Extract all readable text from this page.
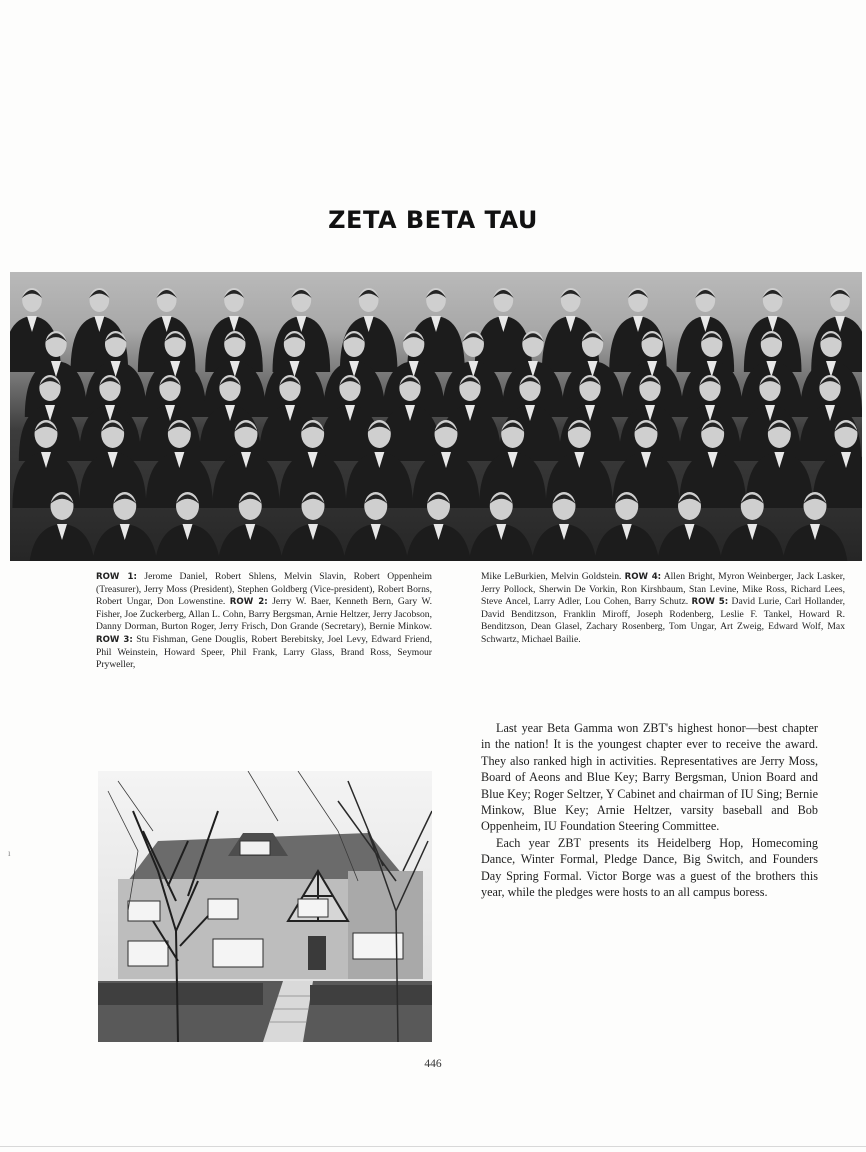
ZETA BETA TAU
ROW 1: Jerome Daniel, Robert Shlens, Melvin Slavin, Robert Oppenheim (Treasurer), Jerry Moss (President), Stephen Goldberg (Vice-president), Robert Borns, Robert Ungar, Don Lowenstine. ROW 2: Jerry W. Baer, Kenneth Bern, Gary W. Fisher, Joe Zuckerberg, Allan L. Cohn, Barry Bergsman, Arnie Heltzer, Jerry Jacobson, Danny Dorman, Burton Roger, Jerry Frisch, Don Grande (Secretary), Bernie Minkow. ROW 3: Stu Fishman, Gene Douglis, Robert Berebitsky, Joel Levy, Edward Friend, Phil Weinstein, Howard Speer, Phil Frank, Larry Glass, Brand Ross, Seymour Pryweller,
Mike LeBurkien, Melvin Goldstein. ROW 4: Allen Bright, Myron Weinberger, Jack Lasker, Jerry Pollock, Sherwin De Vorkin, Ron Kirshbaum, Stan Levine, Mike Ross, Richard Lees, Steve Ancel, Larry Adler, Lou Cohen, Barry Schutz. ROW 5: David Lurie, Carl Hollander, David Benditzson, Franklin Miroff, Joseph Rodenberg, Leslie F. Tankel, Howard R. Benditzson, Dean Glasel, Zachary Rosenberg, Tom Ungar, Art Zweig, Edward Wolf, Max Schwartz, Michael Bailie.

Last year Beta Gamma won ZBT's highest honor—best chapter in the nation! It is the youngest chapter ever to receive the award. They also ranked high in activities. Representatives are Jerry Moss, Board of Aeons and Blue Key; Barry Bergsman, Union Board and Blue Key; Roger Seltzer, Y Cabinet and chairman of IU Sing; Bernie Minkow, Blue Key; Arnie Heltzer, varsity baseball and Bob Oppenheim, IU Foundation Steering Committee.

Each year ZBT presents its Heidelberg Hop, Homecoming Dance, Winter Formal, Pledge Dance, Big Switch, and Founders Day Spring Formal. Victor Borge was a guest of the brothers this year, while the pledges were hosts to an all campus boress.

446
ı
